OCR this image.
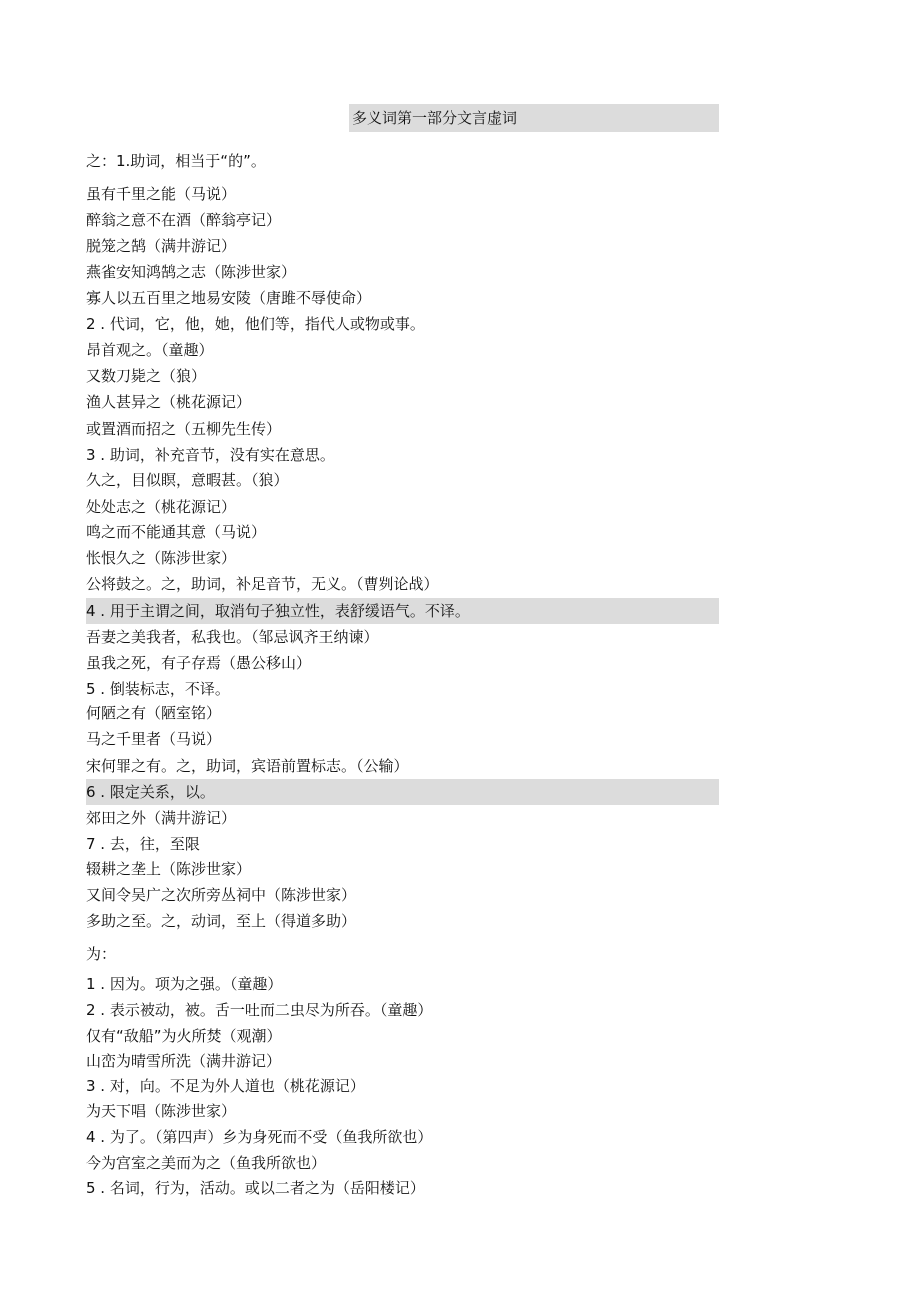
多义词第一部分文言虚词
之：1.助词，相当于“的”。
虽有千里之能（马说）
醉翁之意不在酒（醉翁亭记）
脱笼之鹄（满井游记）
燕雀安知鸿鹄之志（陈涉世家）
寡人以五百里之地易安陵（唐雎不辱使命）
2 . 代词，它，他，她，他们等，指代人或物或事。
昂首观之。（童趣）
又数刀毙之（狼）
渔人甚异之（桃花源记）
或置酒而招之（五柳先生传）
3 . 助词，补充音节，没有实在意思。
久之，目似瞑，意暇甚。（狼）
处处志之（桃花源记）
鸣之而不能通其意（马说）
怅恨久之（陈涉世家）
公将鼓之。之，助词，补足音节，无义。（曹刿论战）
4 . 用于主谓之间，取消句子独立性，表舒缓语气。不译。
吾妻之美我者，私我也。（邹忌讽齐王纳谏）
虽我之死，有子存焉（愚公移山）
5 . 倒装标志，不译。
何陋之有（陋室铭）
马之千里者（马说）
宋何罪之有。之，助词，宾语前置标志。（公输）
6 . 限定关系，以。
郊田之外（满井游记）
7 . 去，往，至限
辍耕之垄上（陈涉世家）
又间令吴广之次所旁丛祠中（陈涉世家）
多助之至。之，动词，至上（得道多助）
为：
1 . 因为。项为之强。（童趣）
2 . 表示被动，被。舌一吐而二虫尽为所吞。（童趣）
仅有“敌船”为火所焚（观潮）
山峦为晴雪所洗（满井游记）
3 . 对，向。不足为外人道也（桃花源记）
为天下唱（陈涉世家）
4 . 为了。（第四声）乡为身死而不受（鱼我所欲也）
今为宫室之美而为之（鱼我所欲也）
5 . 名词，行为，活动。或以二者之为（岳阳楼记）
